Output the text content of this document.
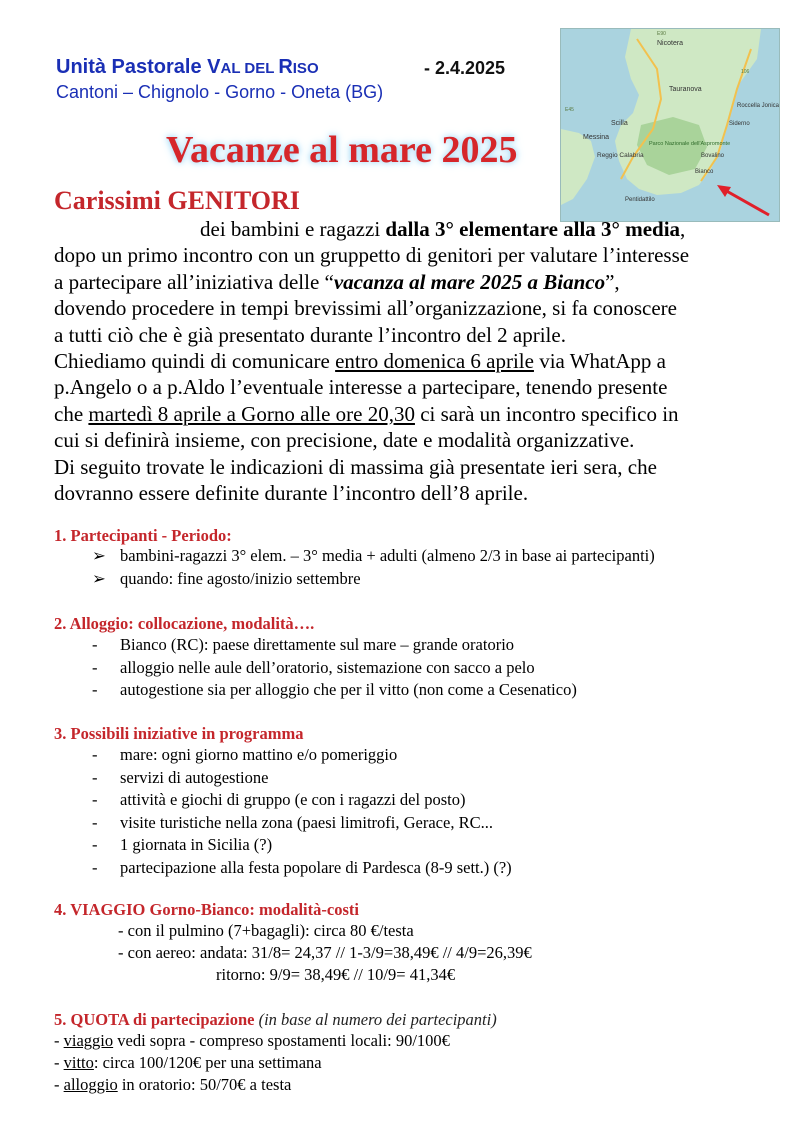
Unità Pastorale VAL DEL RISO	- 2.4.2025
Cantoni – Chignolo - Gorno - Oneta (BG)
Nicotera
Tauranova
Roccella Jonica
Siderno
Scilla
Messina
Reggio Calabria
Parco Nazionale dell'Aspromonte
Bovalino
Bianco
Pentidattilo
E90
E45
106
Vacanze al mare 2025
Carissimi GENITORI

dei bambini e ragazzi dalla 3° elementare alla 3° media,

dopo un primo incontro con un gruppetto di genitori per valutare l’interesse

a partecipare all’iniziativa delle “vacanza al mare 2025 a Bianco”,

dovendo procedere in tempi brevissimi all’organizzazione, si fa conoscere

a tutti ciò che è già presentato durante l’incontro del 2 aprile.

Chiediamo quindi di comunicare entro domenica 6 aprile via WhatApp a

p.Angelo o a p.Aldo l’eventuale interesse a partecipare, tenendo presente

che martedì 8 aprile a Gorno alle ore 20,30 ci sarà un incontro specifico in

cui si definirà insieme, con precisione, date e modalità organizzative.

Di seguito trovate le indicazioni di massima già presentate ieri sera, che

dovranno essere definite durante l’incontro dell’8 aprile.

1. Partecipanti - Periodo:
➢ bambini-ragazzi 3° elem. – 3° media + adulti (almeno 2/3 in base ai partecipanti)
➢ quando: fine agosto/inizio settembre
2. Alloggio: collocazione, modalità….
- Bianco (RC): paese direttamente sul mare – grande oratorio
- alloggio nelle aule dell’oratorio, sistemazione con sacco a pelo
- autogestione sia per alloggio che per il vitto (non come a Cesenatico)
3. Possibili iniziative in programma
- mare: ogni giorno mattino e/o pomeriggio
- servizi di autogestione
- attività e giochi di gruppo (e con i ragazzi del posto)
- visite turistiche nella zona (paesi limitrofi, Gerace, RC...
- 1 giornata in Sicilia (?)
- partecipazione alla festa popolare di Pardesca (8-9 sett.) (?)
4. VIAGGIO Gorno-Bianco: modalità-costi
- con il pulmino (7+bagagli): circa 80 €/testa
- con aereo: andata: 31/8= 24,37 // 1-3/9=38,49€ // 4/9=26,39€
ritorno: 9/9= 38,49€ // 10/9= 41,34€
5. QUOTA di partecipazione (in base al numero dei partecipanti)
- viaggio vedi sopra - compreso spostamenti locali: 90/100€
- vitto: circa 100/120€ per una settimana
- alloggio in oratorio: 50/70€ a testa
